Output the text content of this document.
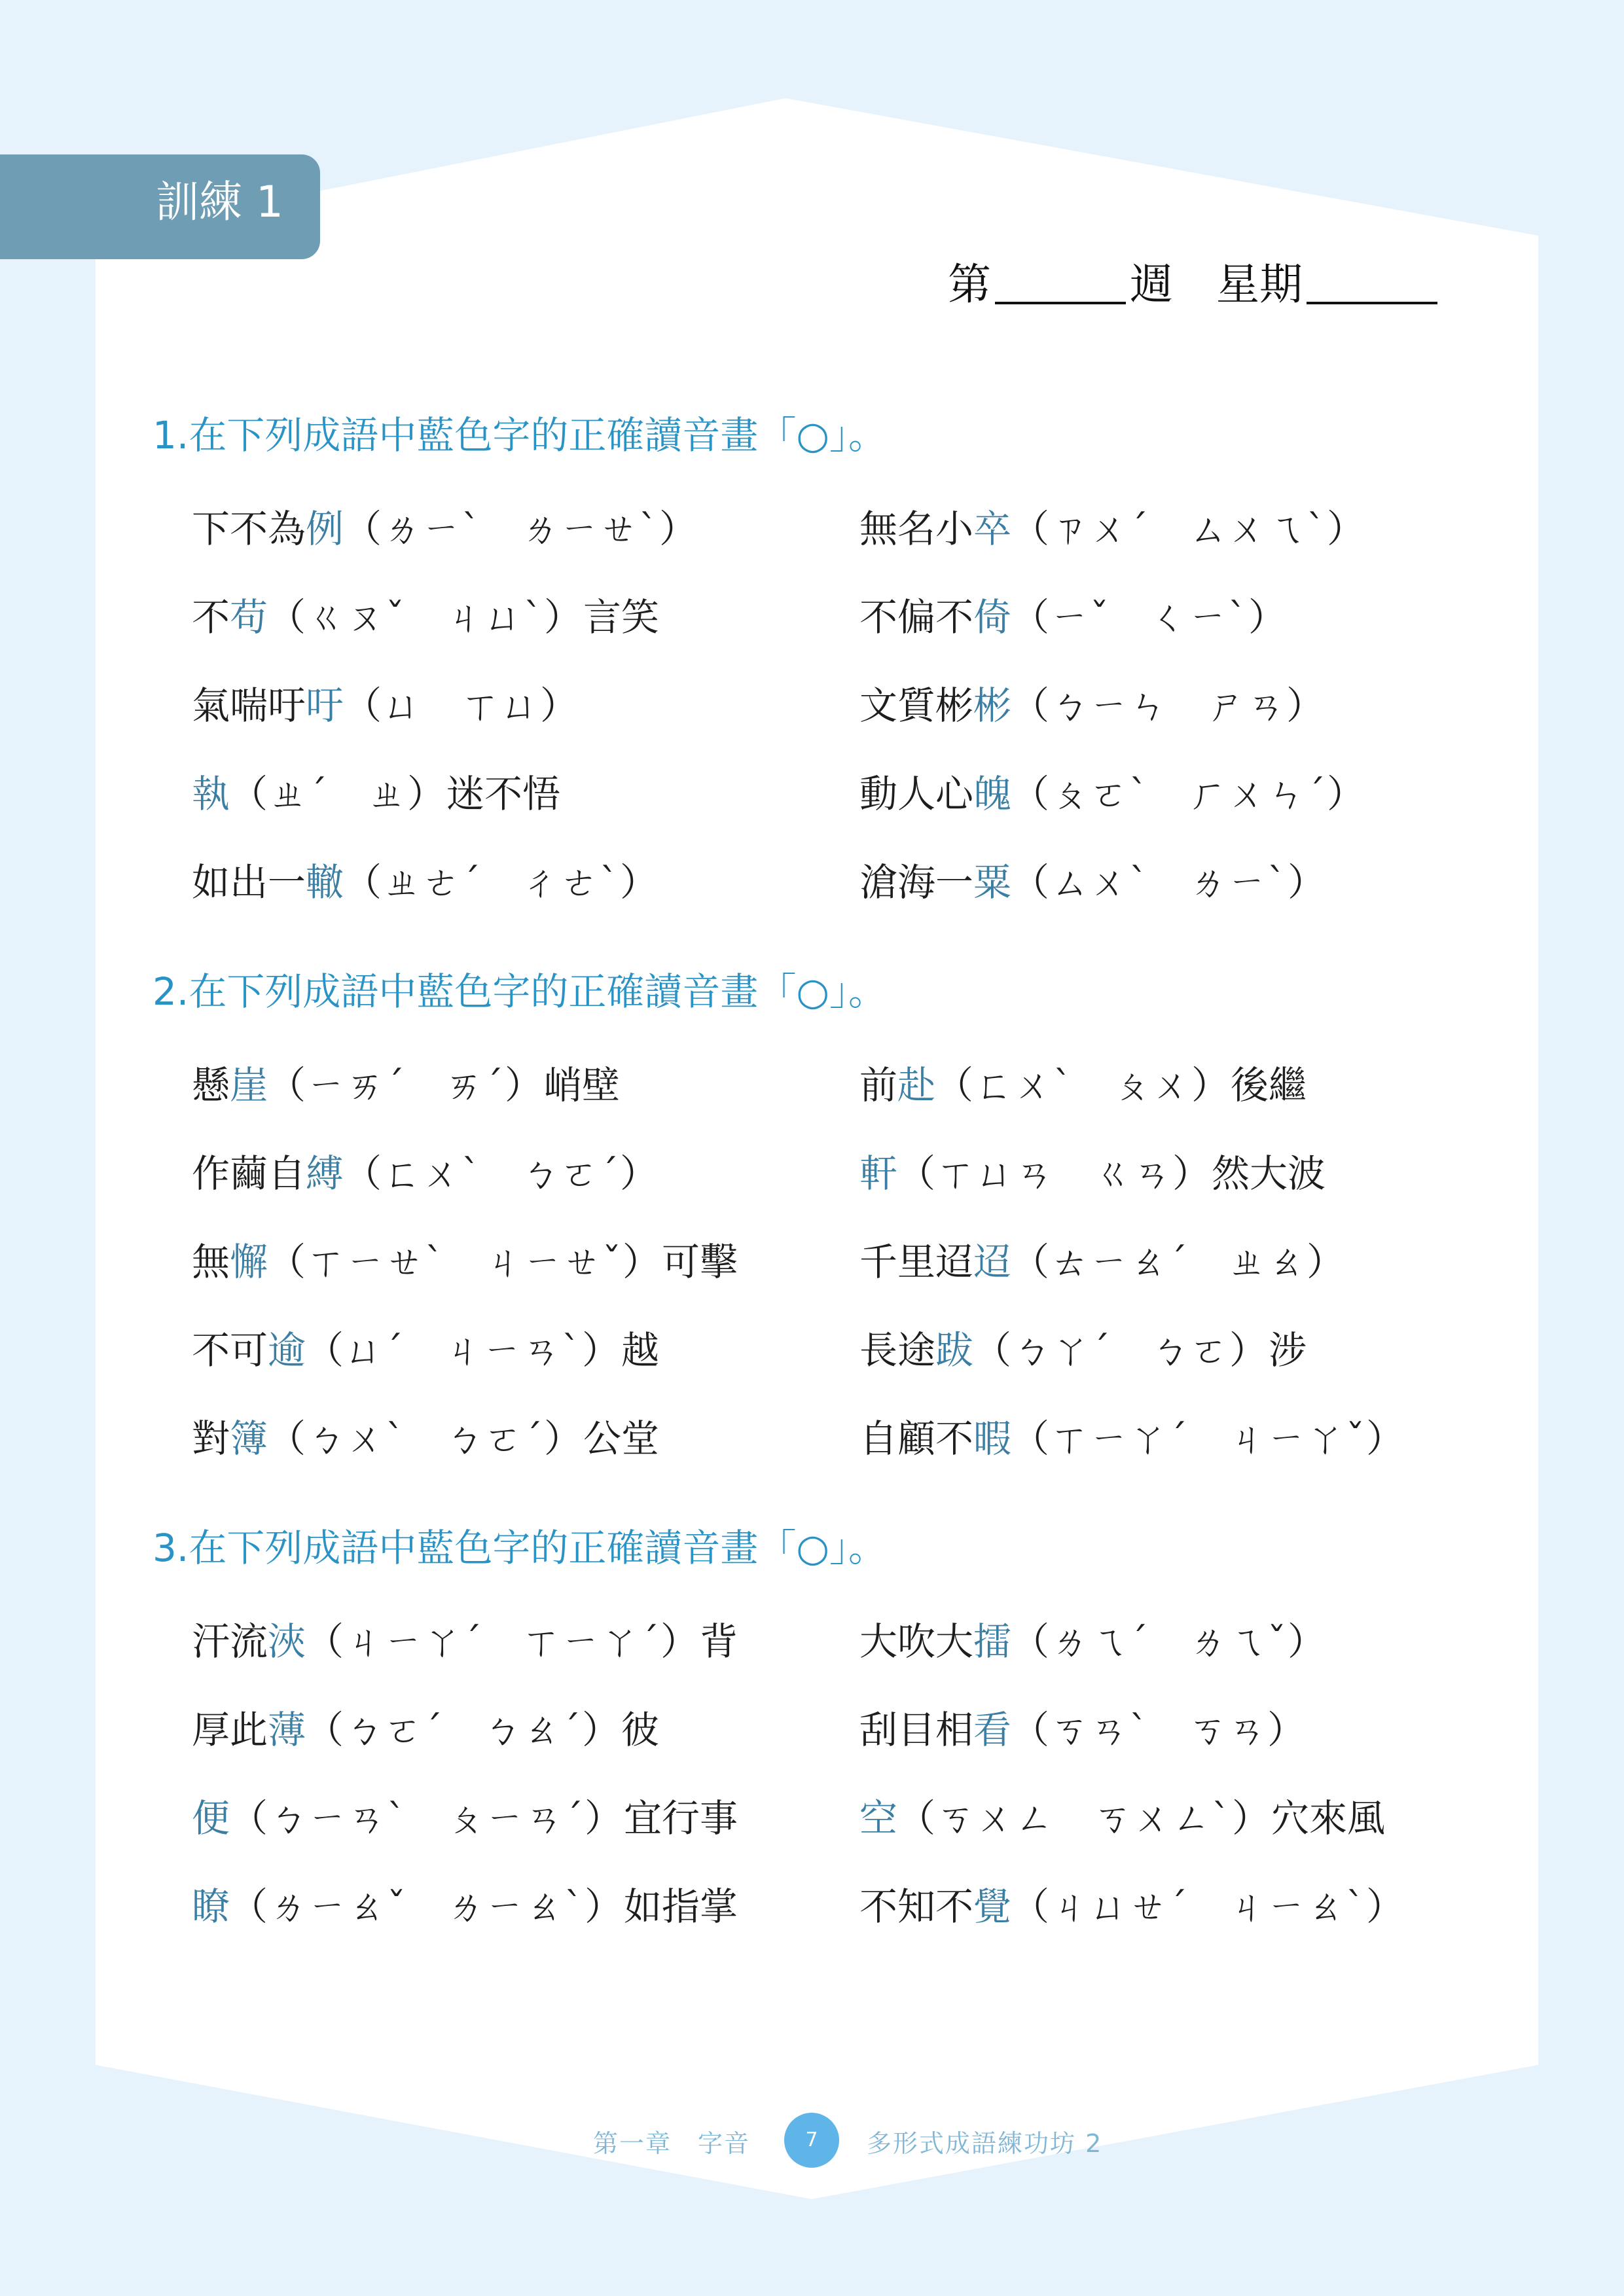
訓練 1
第	週　星期
1.在下列成語中藍色字的正確讀音畫「○」。
下不為例（ㄌㄧˋ　ㄌㄧㄝˋ）	無名小卒（ㄗㄨˊ　ㄙㄨㄟˋ）
不苟（ㄍㄡˇ　ㄐㄩˋ）言笑	不偏不倚（ㄧˇ　ㄑㄧˋ）
氣喘吁吁（ㄩ　ㄒㄩ）	文質彬彬（ㄅㄧㄣ　ㄕㄢ）
執（ㄓˊ　ㄓ）迷不悟	動人心魄（ㄆㄛˋ　ㄏㄨㄣˊ）
如出一轍（ㄓㄜˊ　ㄔㄜˋ）	滄海一粟（ㄙㄨˋ　ㄌㄧˋ）
2.在下列成語中藍色字的正確讀音畫「○」。
懸崖（ㄧㄞˊ　ㄞˊ）峭壁	前赴（ㄈㄨˋ　ㄆㄨ）後繼
作繭自縛（ㄈㄨˋ　ㄅㄛˊ）	軒（ㄒㄩㄢ　ㄍㄢ）然大波
無懈（ㄒㄧㄝˋ　ㄐㄧㄝˇ）可擊	千里迢迢（ㄊㄧㄠˊ　ㄓㄠ）
不可逾（ㄩˊ　ㄐㄧㄢˋ）越	長途跋（ㄅㄚˊ　ㄅㄛ）涉
對簿（ㄅㄨˋ　ㄅㄛˊ）公堂	自顧不暇（ㄒㄧㄚˊ　ㄐㄧㄚˇ）
3.在下列成語中藍色字的正確讀音畫「○」。
汗流浹（ㄐㄧㄚˊ　ㄒㄧㄚˊ）背	大吹大擂（ㄌㄟˊ　ㄌㄟˇ）
厚此薄（ㄅㄛˊ　ㄅㄠˊ）彼	刮目相看（ㄎㄢˋ　ㄎㄢ）
便（ㄅㄧㄢˋ　ㄆㄧㄢˊ）宜行事	空（ㄎㄨㄥ　ㄎㄨㄥˋ）穴來風
瞭（ㄌㄧㄠˇ　ㄌㄧㄠˋ）如指掌	不知不覺（ㄐㄩㄝˊ　ㄐㄧㄠˋ）
第一章　字音	7	多形式成語練功坊 2
